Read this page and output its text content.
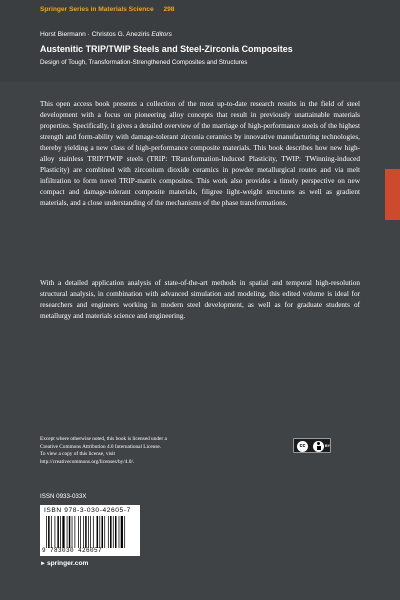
Springer Series in Materials Science 298
Horst Biermann · Christos G. Aneziris Editors
Austenitic TRIP/TWIP Steels and Steel-Zirconia Composites
Design of Tough, Transformation-Strengthened Composites and Structures

This open access book presents a collection of the most up-to-date research results in the field of steel development with a focus on pioneering alloy concepts that result in previously unattainable materials properties. Specifically, it gives a detailed overview of the marriage of high-performance steels of the highest strength and form-ability with damage-tolerant zirconia ceramics by innovative manufacturing technologies, thereby yielding a new class of high-performance composite materials. This book describes how new high-alloy stainless TRIP/TWIP steels (TRIP: TRansformation-Induced Plasticity, TWIP: TWinning-induced Plasticity) are combined with zirconium dioxide ceramics in powder metallurgical routes and via melt infiltration to form novel TRIP-matrix composites. This work also provides a timely perspective on new compact and damage-tolerant composite materials, filigree light-weight structures as well as gradient materials, and a close understanding of the mechanisms of the phase transformations.

With a detailed application analysis of state-of-the-art methods in spatial and temporal high-resolution structural analysis, in combination with advanced simulation and modeling, this edited volume is ideal for researchers and engineers working in modern steel development, as well as for graduate students of metallurgy and materials science and engineering.

Except where otherwise noted, this book is licensed under a
Creative Commons Attribution 4.0 International License.
To view a copy of this license, visit
http://creativecommons.org/licenses/by/4.0/.
cc	BY
ISSN 0933-033X
ISBN 978-3-030-42605-7
9 783030 426057
►springer.com
